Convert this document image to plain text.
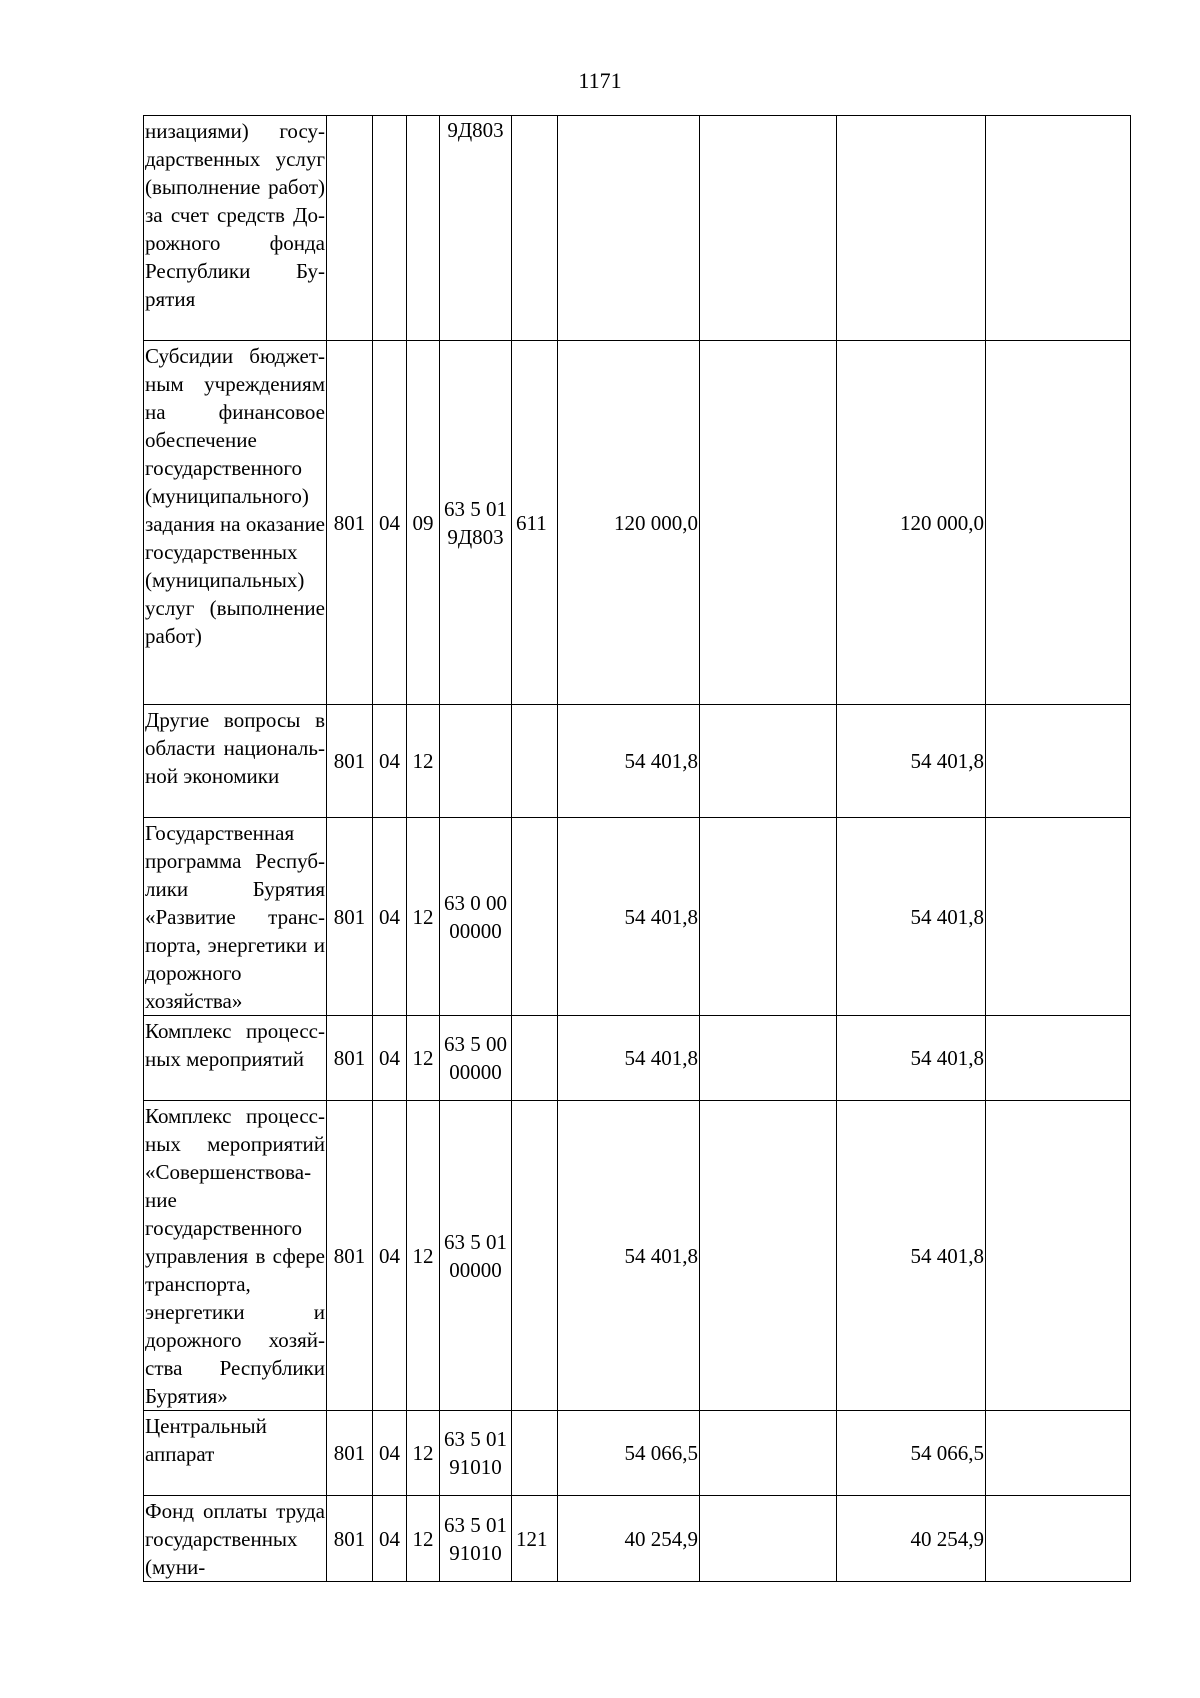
1171
низациями) государственных услуг (выполнение работ) за счет средств Дорожного фонда Республики Бурятия				9Д803					
Субсидии бюджетным учреждениям на финансовое обеспечение государственного (муниципального) задания на оказание государственных (муниципальных) услуг (выполнение работ)	801	04	09	63 5 01 9Д803	611	120 000,0		120 000,0	
Другие вопросы в области национальной экономики	801	04	12			54 401,8		54 401,8	
Государственная программа Республики Бурятия «Развитие транспорта, энергетики и дорожного хозяйства»	801	04	12	63 0 00 00000		54 401,8		54 401,8	
Комплекс процессных мероприятий	801	04	12	63 5 00 00000		54 401,8		54 401,8	
Комплекс процессных мероприятий «Совершенствование государственного управления в сфере транспорта, энергетики и дорожного хозяйства Республики Бурятия»	801	04	12	63 5 01 00000		54 401,8		54 401,8	
Центральный аппарат	801	04	12	63 5 01 91010		54 066,5		54 066,5	
Фонд оплаты труда государственных (муни-	801	04	12	63 5 01 91010	121	40 254,9		40 254,9	
